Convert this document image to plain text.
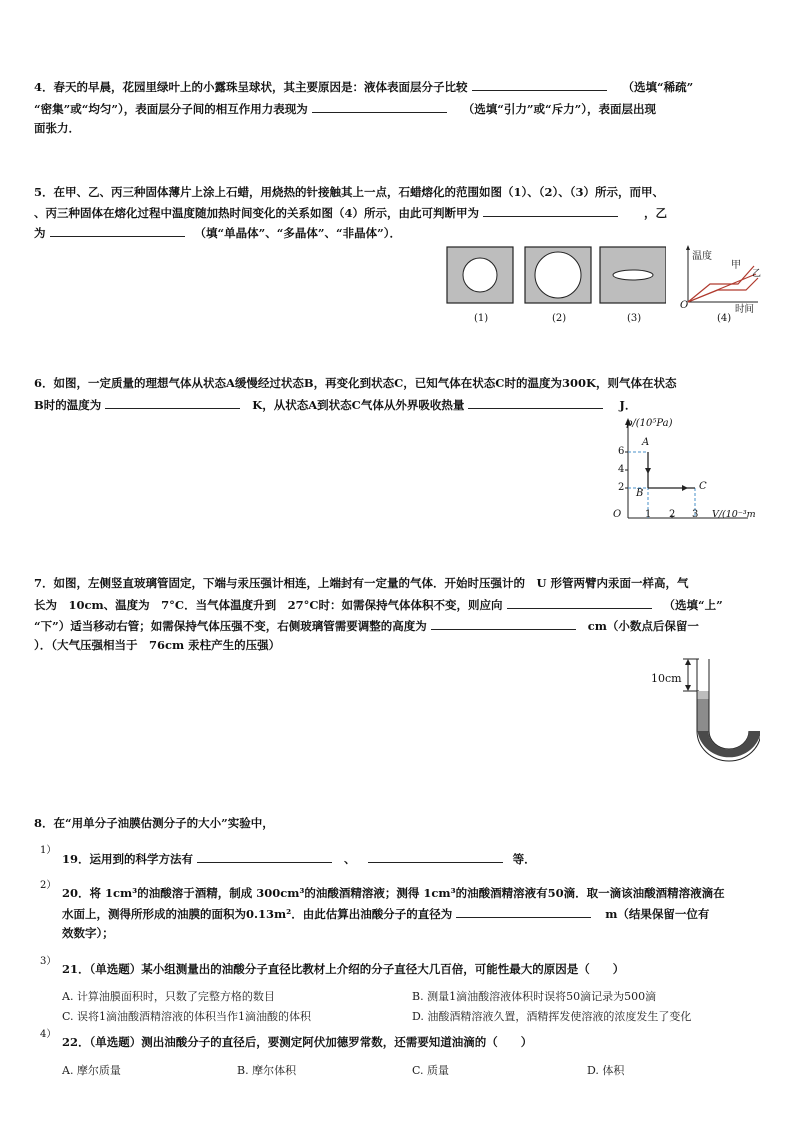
4．春天的早晨，花园里绿叶上的小露珠呈球状，其主要原因是：液体表面层分子比较	（选填“稀疏”
“密集”或“均匀”），表面层分子间的相互作用力表现为	（选填“引力”或“斥力”），表面层出现
面张力．
5．在甲、乙、丙三种固体薄片上涂上石蜡，用烧热的针接触其上一点，石蜡熔化的范围如图（1）、（2）、（3）所示，而甲、
、丙三种固体在熔化过程中温度随加热时间变化的关系如图（4）所示，由此可判断甲为	，乙
为	（填“单晶体”、“多晶体”、“非晶体”）．
(1)	(2)	(3)	(4)
温度
时间
O
甲
乙
6．如图，一定质量的理想气体从状态A缓慢经过状态B，再变化到状态C，已知气体在状态C时的温度为300K，则气体在状态
B时的温度为	K，从状态A到状态C气体从外界吸收热量	J．
p/(10⁵Pa)
V/(10⁻³m
O
6
4
2
1 2 3
A
B
C
7．如图，左侧竖直玻璃管固定，下端与汞压强计相连，上端封有一定量的气体．开始时压强计的　U 形管两臂内汞面一样高，气
长为　10cm、温度为　7°C．当气体温度升到　27°C时：如需保持气体体积不变，则应向	（选填“上”
“下”）适当移动右管；如需保持气体压强不变，右侧玻璃管需要调整的高度为	cm（小数点后保留一
）．（大气压强相当于　76cm 汞柱产生的压强）
10cm
8．在“用单分子油膜估测分子的大小”实验中，
1）
19．运用到的科学方法有	、	等．
2）
20．将 1cm³的油酸溶于酒精，制成 300cm³的油酸酒精溶液；测得 1cm³的油酸酒精溶液有50滴．取一滴该油酸酒精溶液滴在
水面上，测得所形成的油膜的面积为0.13m²．由此估算出油酸分子的直径为	m（结果保留一位有
效数字）；
3）
21．（单选题）某小组测量出的油酸分子直径比教材上介绍的分子直径大几百倍，可能性最大的原因是（　　）
A. 计算油膜面积时，只数了完整方格的数目	B. 测量1滴油酸溶液体积时误将50滴记录为500滴
C. 误将1滴油酸酒精溶液的体积当作1滴油酸的体积	D. 油酸酒精溶液久置，酒精挥发使溶液的浓度发生了变化
4）
22．（单选题）测出油酸分子的直径后，要测定阿伏加德罗常数，还需要知道油滴的（　　）
A. 摩尔质量	B. 摩尔体积	C. 质量	D. 体积
